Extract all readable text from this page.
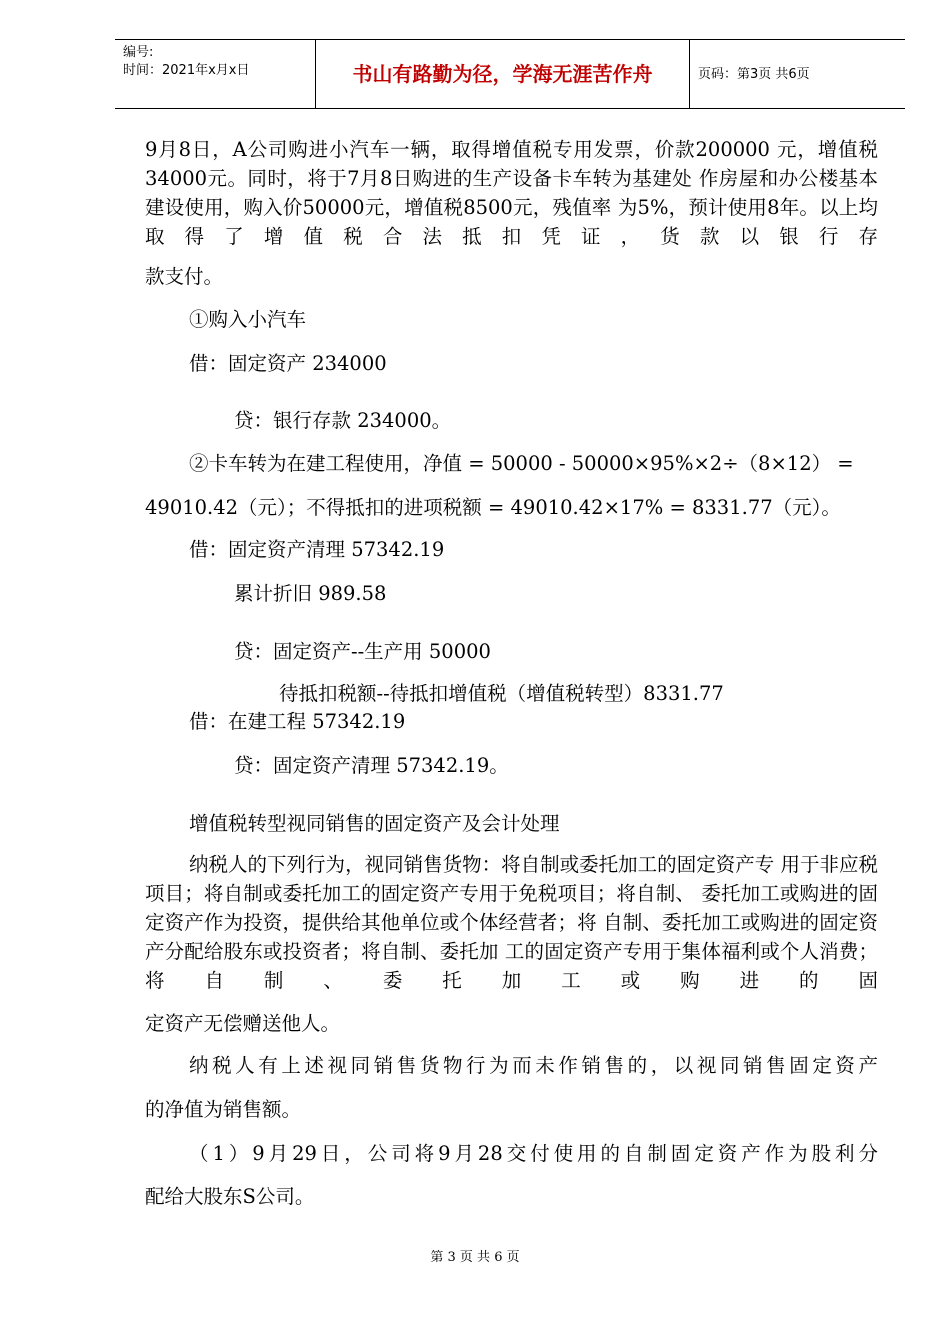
编号:
时间：2021年x月x日	书山有路勤为径，学海无涯苦作舟	页码：第3页 共6页
9月8日，A公司购进小汽车一辆，取得增值税专用发票，价款200000 元，增值税34000元。同时，将于7月8日购进的生产设备卡车转为基建处 作房屋和办公楼基本建设使用，购入价50000元，增值税8500元，残值率 为5%，预计使用8年。以上均取得了增值税合法抵扣凭证，货款以银行存
款支付。
①购入小汽车
借：固定资产 234000
贷：银行存款 234000。
②卡车转为在建工程使用，净值 = 50000 - 50000×95%×2÷（8×12） =
49010.42（元）；不得抵扣的进项税额 = 49010.42×17% = 8331.77（元）。
借：固定资产清理 57342.19
累计折旧 989.58
贷：固定资产--生产用 50000
待抵扣税额--待抵扣增值税（增值税转型）8331.77
借：在建工程 57342.19
贷：固定资产清理 57342.19。
增值税转型视同销售的固定资产及会计处理
纳税人的下列行为，视同销售货物：将自制或委托加工的固定资产专 用于非应税项目；将自制或委托加工的固定资产专用于免税项目；将自制、 委托加工或购进的固定资产作为投资，提供给其他单位或个体经营者；将 自制、委托加工或购进的固定资产分配给股东或投资者；将自制、委托加 工的固定资产专用于集体福利或个人消费；将自制、委托加工或购进的固
定资产无偿赠送他人。
纳税人有上述视同销售货物行为而未作销售的，以视同销售固定资产
的净值为销售额。
（1）9月29日，公司将9月28交付使用的自制固定资产作为股利分
配给大股东S公司。
第 3 页 共 6 页
